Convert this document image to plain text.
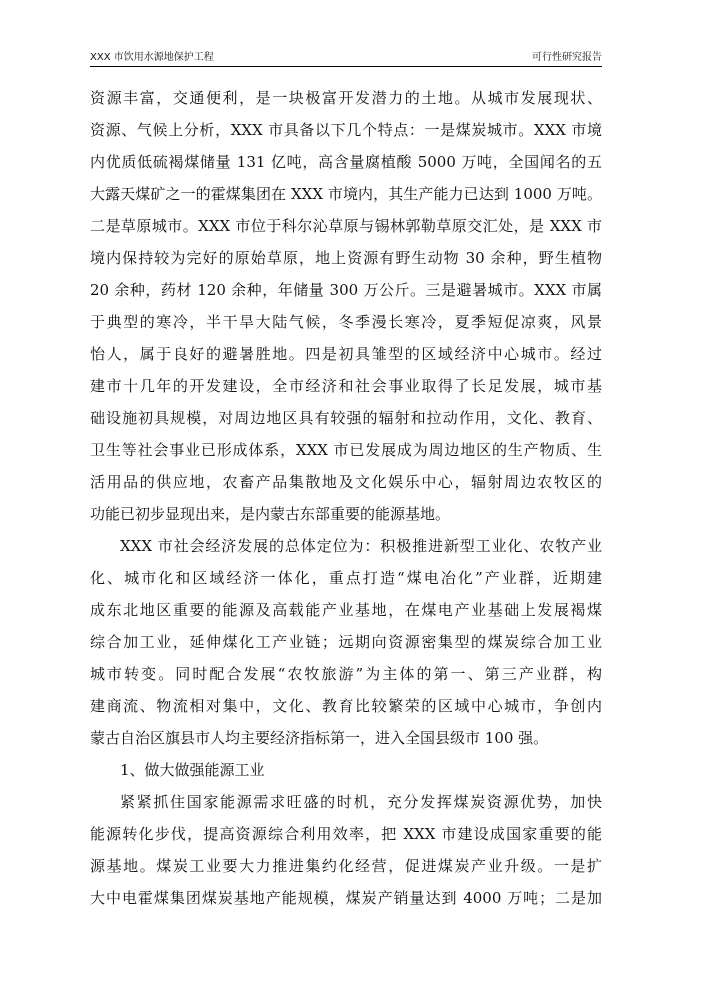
XXX 市饮用水源地保护工程	可行性研究报告
资源丰富，交通便利，是一块极富开发潜力的土地。从城市发展现状、
资源、气候上分析，XXX 市具备以下几个特点：一是煤炭城市。XXX 市境
内优质低硫褐煤储量 131 亿吨，高含量腐植酸 5000 万吨，全国闻名的五
大露天煤矿之一的霍煤集团在 XXX 市境内，其生产能力已达到 1000 万吨。
二是草原城市。XXX 市位于科尔沁草原与锡林郭勒草原交汇处，是 XXX 市
境内保持较为完好的原始草原，地上资源有野生动物 30 余种，野生植物
20 余种，药材 120 余种，年储量 300 万公斤。三是避暑城市。XXX 市属
于典型的寒冷，半干旱大陆气候，冬季漫长寒冷，夏季短促凉爽，风景
怡人，属于良好的避暑胜地。四是初具雏型的区域经济中心城市。经过
建市十几年的开发建设，全市经济和社会事业取得了长足发展，城市基
础设施初具规模，对周边地区具有较强的辐射和拉动作用，文化、教育、
卫生等社会事业已形成体系，XXX 市已发展成为周边地区的生产物质、生
活用品的供应地，农畜产品集散地及文化娱乐中心，辐射周边农牧区的
功能已初步显现出来，是内蒙古东部重要的能源基地。
XXX 市社会经济发展的总体定位为：积极推进新型工业化、农牧产业
化、城市化和区域经济一体化，重点打造“煤电冶化”产业群，近期建
成东北地区重要的能源及高载能产业基地，在煤电产业基础上发展褐煤
综合加工业，延伸煤化工产业链；远期向资源密集型的煤炭综合加工业
城市转变。同时配合发展“农牧旅游”为主体的第一、第三产业群，构
建商流、物流相对集中，文化、教育比较繁荣的区域中心城市，争创内
蒙古自治区旗县市人均主要经济指标第一，进入全国县级市 100 强。
1、做大做强能源工业
紧紧抓住国家能源需求旺盛的时机，充分发挥煤炭资源优势，加快
能源转化步伐，提高资源综合利用效率，把 XXX 市建设成国家重要的能
源基地。煤炭工业要大力推进集约化经营，促进煤炭产业升级。一是扩
大中电霍煤集团煤炭基地产能规模，煤炭产销量达到 4000 万吨；二是加
